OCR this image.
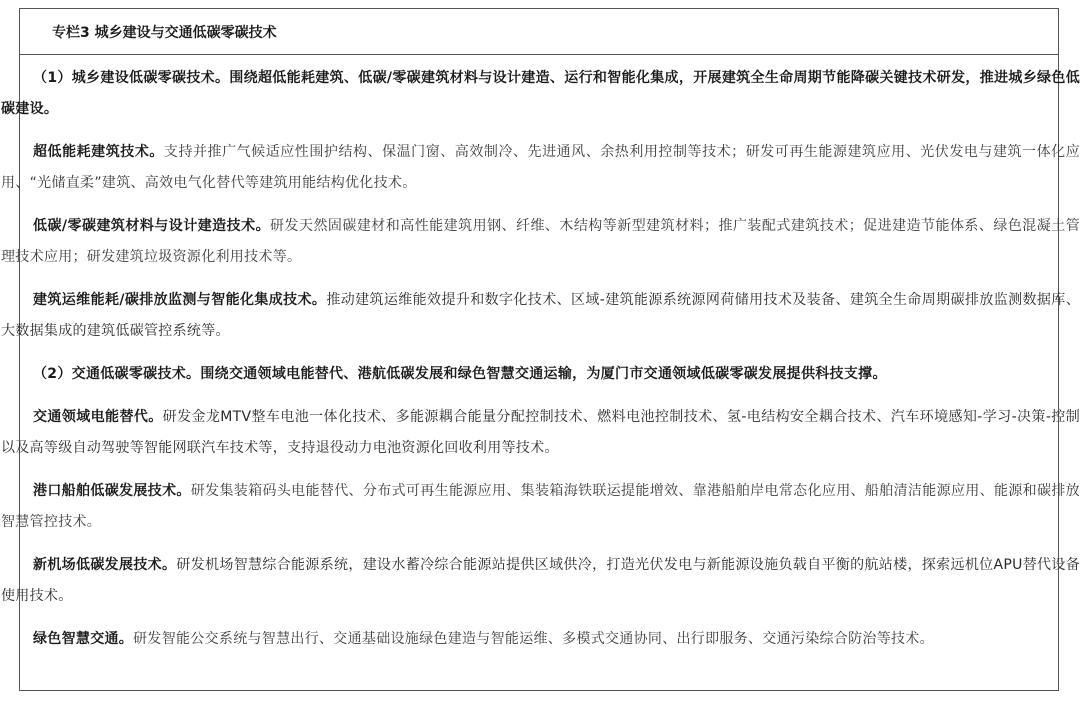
专栏3 城乡建设与交通低碳零碳技术

（1）城乡建设低碳零碳技术。围绕超低能耗建筑、低碳/零碳建筑材料与设计建造、运行和智能化集成，开展建筑全生命周期节能降碳关键技术研发，推进城乡绿色低碳建设。

超低能耗建筑技术。支持并推广气候适应性围护结构、保温门窗、高效制冷、先进通风、余热利用控制等技术；研发可再生能源建筑应用、光伏发电与建筑一体化应用、“光储直柔”建筑、高效电气化替代等建筑用能结构优化技术。

低碳/零碳建筑材料与设计建造技术。研发天然固碳建材和高性能建筑用钢、纤维、木结构等新型建筑材料；推广装配式建筑技术；促进建造节能体系、绿色混凝土管理技术应用；研发建筑垃圾资源化利用技术等。

建筑运维能耗/碳排放监测与智能化集成技术。推动建筑运维能效提升和数字化技术、区域-建筑能源系统源网荷储用技术及装备、建筑全生命周期碳排放监测数据库、大数据集成的建筑低碳管控系统等。

（2）交通低碳零碳技术。围绕交通领域电能替代、港航低碳发展和绿色智慧交通运输，为厦门市交通领域低碳零碳发展提供科技支撑。

交通领域电能替代。研发金龙MTV整车电池一体化技术、多能源耦合能量分配控制技术、燃料电池控制技术、氢-电结构安全耦合技术、汽车环境感知-学习-决策-控制以及高等级自动驾驶等智能网联汽车技术等，支持退役动力电池资源化回收利用等技术。

港口船舶低碳发展技术。研发集装箱码头电能替代、分布式可再生能源应用、集装箱海铁联运提能增效、靠港船舶岸电常态化应用、船舶清洁能源应用、能源和碳排放智慧管控技术。

新机场低碳发展技术。研发机场智慧综合能源系统，建设水蓄冷综合能源站提供区域供冷，打造光伏发电与新能源设施负载自平衡的航站楼，探索远机位APU替代设备使用技术。

绿色智慧交通。研发智能公交系统与智慧出行、交通基础设施绿色建造与智能运维、多模式交通协同、出行即服务、交通污染综合防治等技术。
